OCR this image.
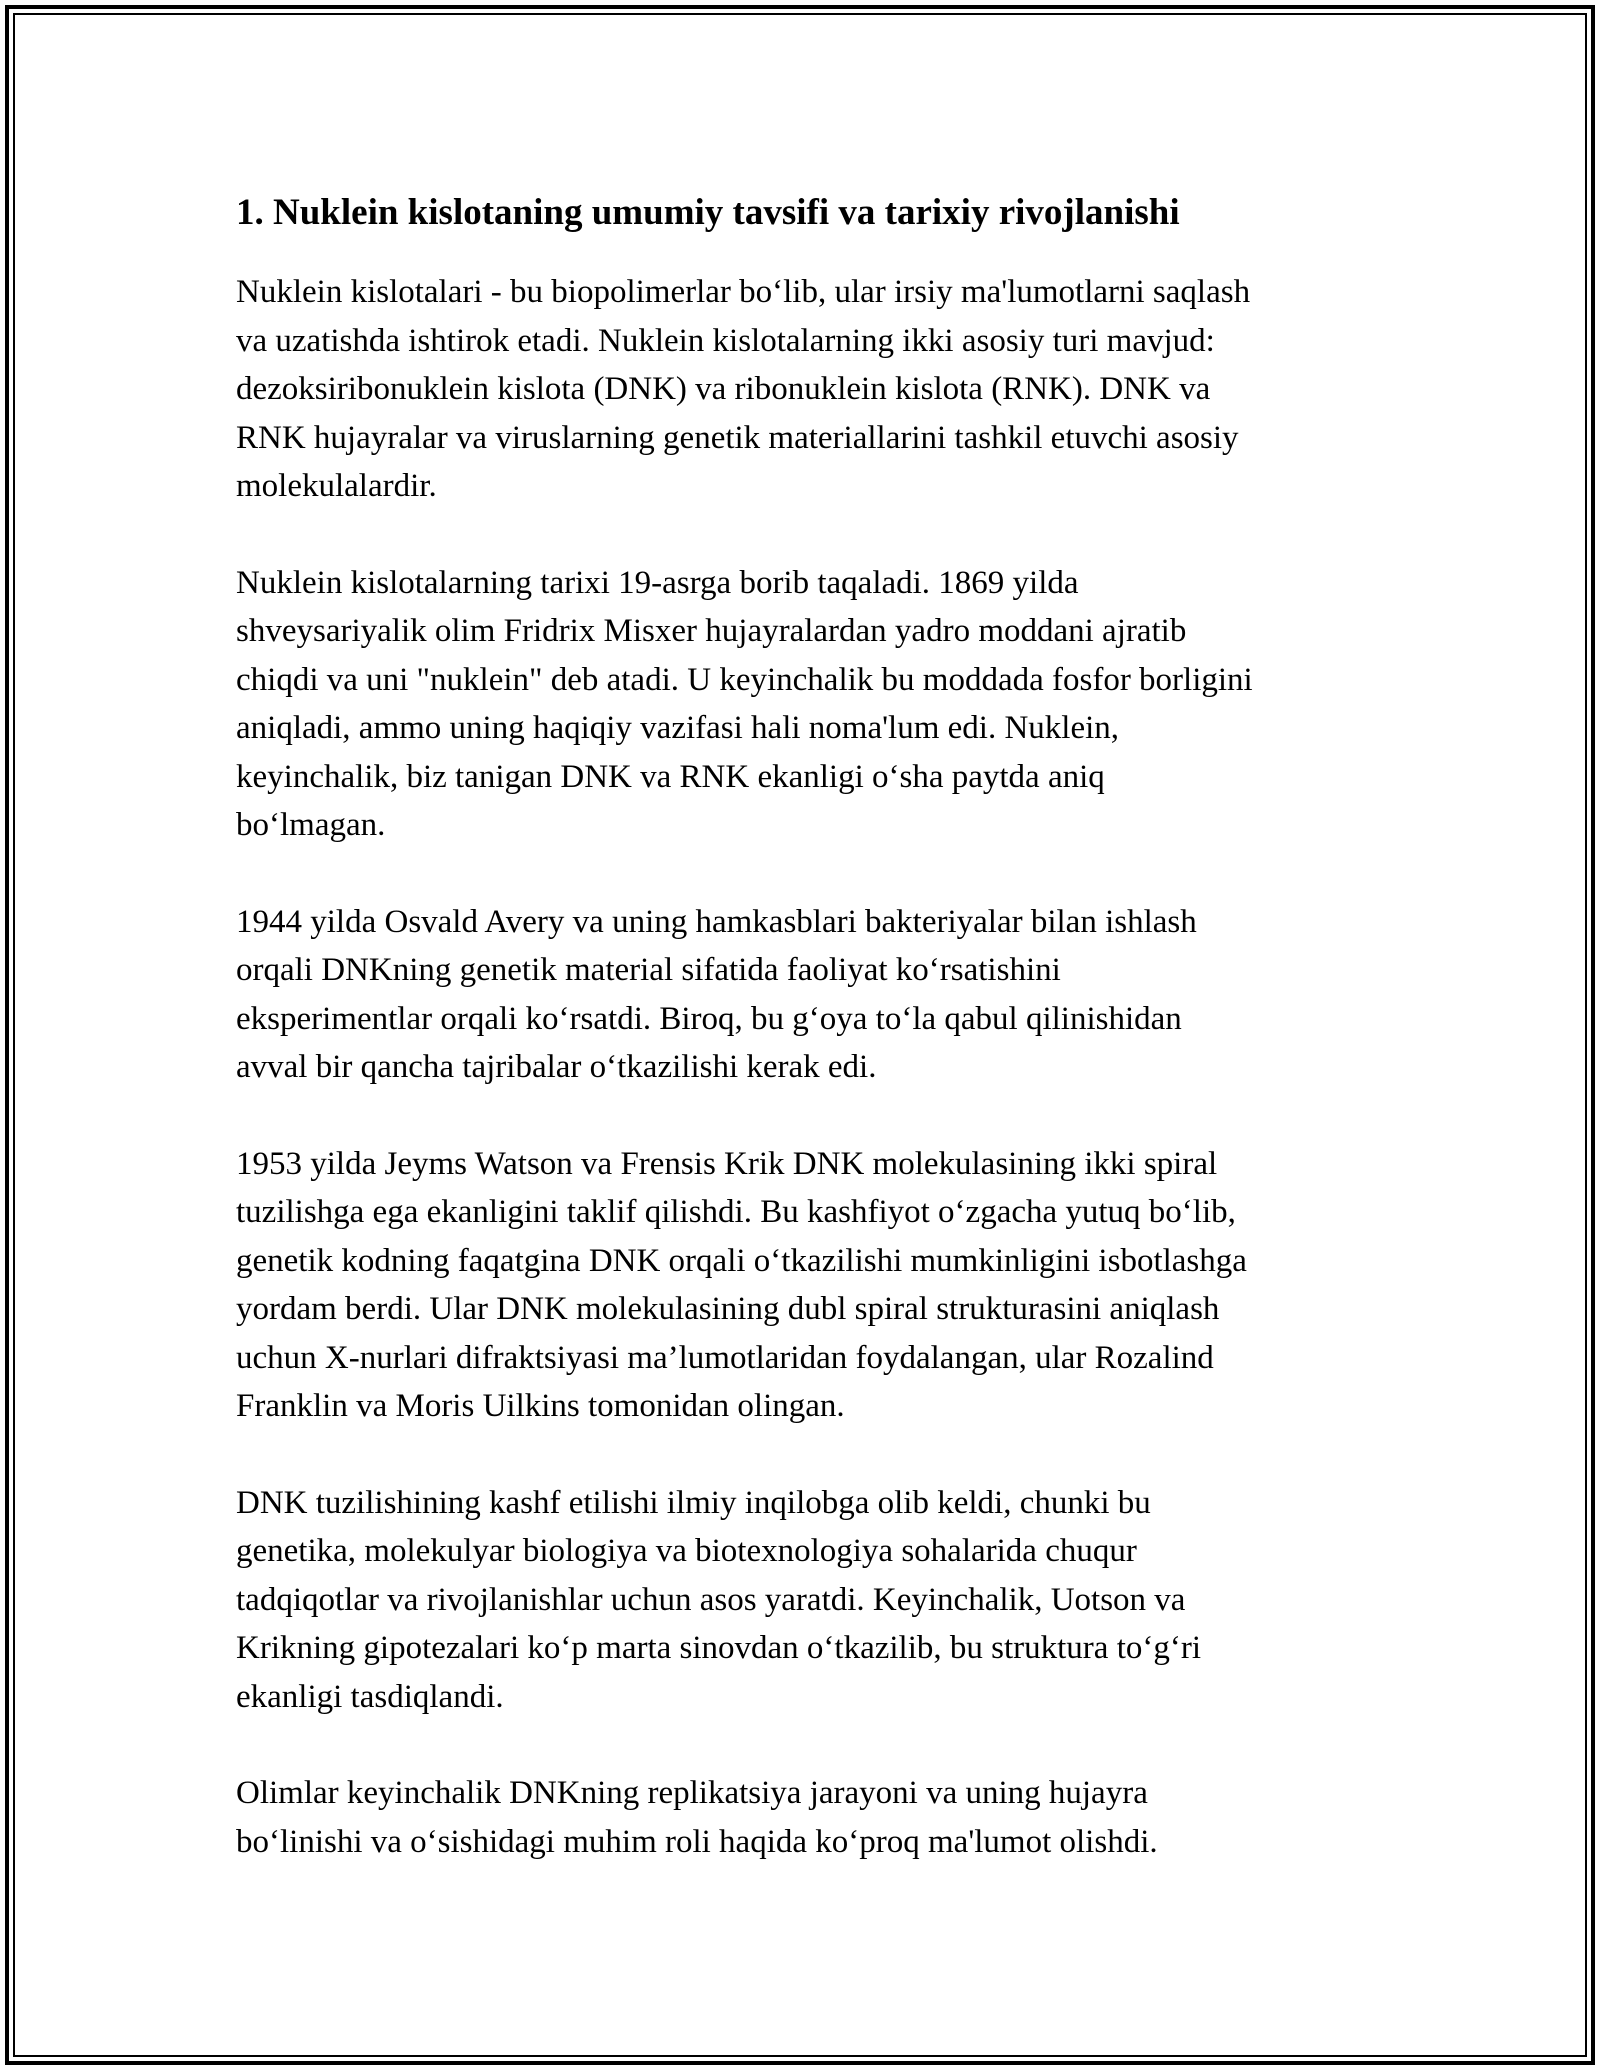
1. Nuklein kislotaning umumiy tavsifi va tarixiy rivojlanishi

Nuklein kislotalari - bu biopolimerlar bo‘lib, ular irsiy ma'lumotlarni saqlash
va uzatishda ishtirok etadi. Nuklein kislotalarning ikki asosiy turi mavjud:
dezoksiribonuklein kislota (DNK) va ribonuklein kislota (RNK). DNK va
RNK hujayralar va viruslarning genetik materiallarini tashkil etuvchi asosiy
molekulalardir.

Nuklein kislotalarning tarixi 19-asrga borib taqaladi. 1869 yilda
shveysariyalik olim Fridrix Misxer hujayralardan yadro moddani ajratib
chiqdi va uni "nuklein" deb atadi. U keyinchalik bu moddada fosfor borligini
aniqladi, ammo uning haqiqiy vazifasi hali noma'lum edi. Nuklein,
keyinchalik, biz tanigan DNK va RNK ekanligi o‘sha paytda aniq
bo‘lmagan.

1944 yilda Osvald Avery va uning hamkasblari bakteriyalar bilan ishlash
orqali DNKning genetik material sifatida faoliyat ko‘rsatishini
eksperimentlar orqali ko‘rsatdi. Biroq, bu g‘oya to‘la qabul qilinishidan
avval bir qancha tajribalar o‘tkazilishi kerak edi.

1953 yilda Jeyms Watson va Frensis Krik DNK molekulasining ikki spiral
tuzilishga ega ekanligini taklif qilishdi. Bu kashfiyot o‘zgacha yutuq bo‘lib,
genetik kodning faqatgina DNK orqali o‘tkazilishi mumkinligini isbotlashga
yordam berdi. Ular DNK molekulasining dubl spiral strukturasini aniqlash
uchun X-nurlari difraktsiyasi ma’lumotlaridan foydalangan, ular Rozalind
Franklin va Moris Uilkins tomonidan olingan.

DNK tuzilishining kashf etilishi ilmiy inqilobga olib keldi, chunki bu
genetika, molekulyar biologiya va biotexnologiya sohalarida chuqur
tadqiqotlar va rivojlanishlar uchun asos yaratdi. Keyinchalik, Uotson va
Krikning gipotezalari ko‘p marta sinovdan o‘tkazilib, bu struktura to‘g‘ri
ekanligi tasdiqlandi.

Olimlar keyinchalik DNKning replikatsiya jarayoni va uning hujayra
bo‘linishi va o‘sishidagi muhim roli haqida ko‘proq ma'lumot olishdi.
